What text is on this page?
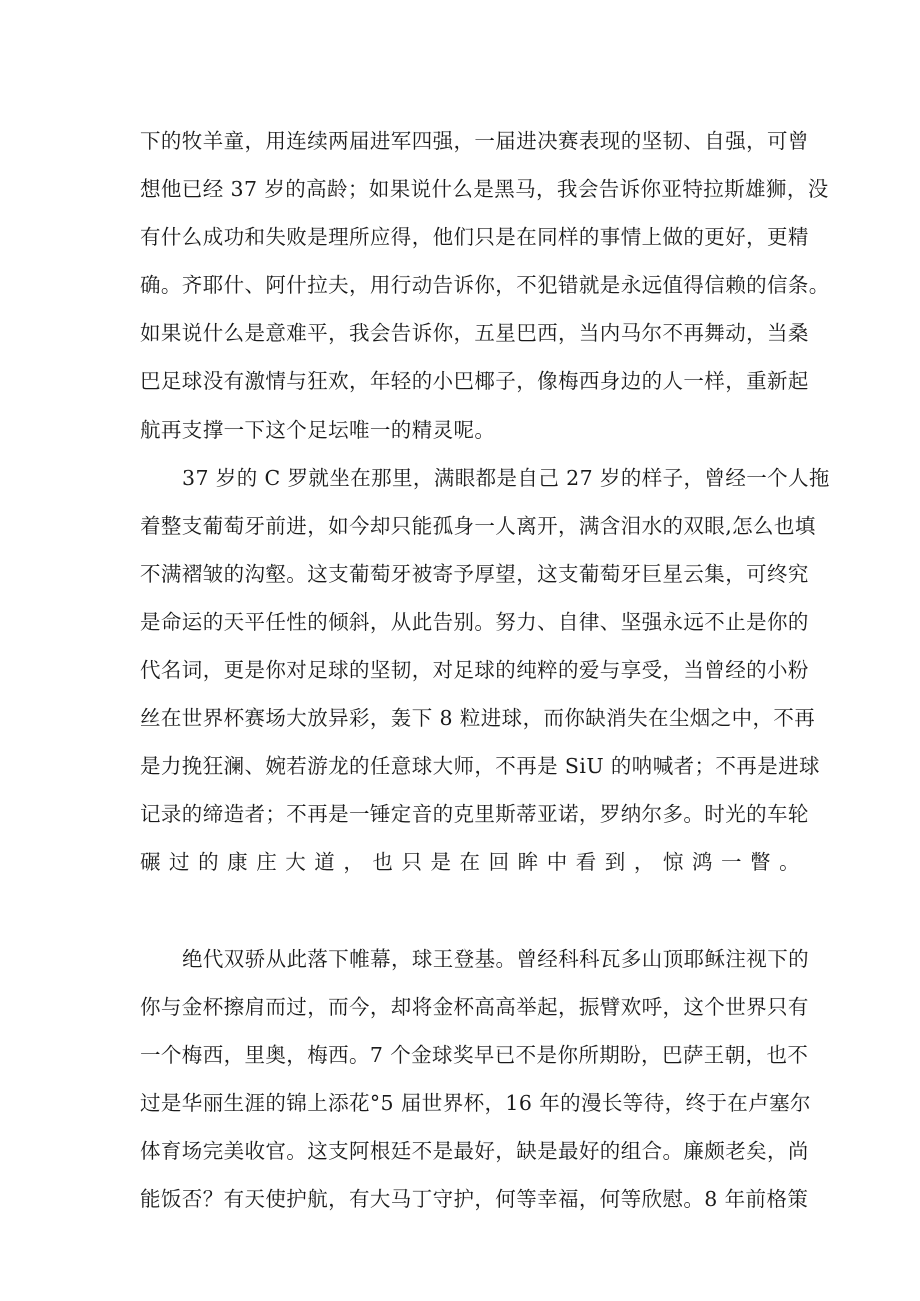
下的牧羊童，用连续两届进军四强，一届进决赛表现的坚韧、自强，可曾
想他已经 37 岁的高龄；如果说什么是黑马，我会告诉你亚特拉斯雄狮，没
有什么成功和失败是理所应得，他们只是在同样的事情上做的更好，更精
确。齐耶什、阿什拉夫，用行动告诉你，不犯错就是永远值得信赖的信条。
如果说什么是意难平，我会告诉你，五星巴西，当内马尔不再舞动，当桑
巴足球没有激情与狂欢，年轻的小巴椰子，像梅西身边的人一样，重新起
航再支撑一下这个足坛唯一的精灵呢。
37 岁的 C 罗就坐在那里，满眼都是自己 27 岁的样子，曾经一个人拖
着整支葡萄牙前进，如今却只能孤身一人离开，满含泪水的双眼,怎么也填
不满褶皱的沟壑。这支葡萄牙被寄予厚望，这支葡萄牙巨星云集，可终究
是命运的天平任性的倾斜，从此告别。努力、自律、坚强永远不止是你的
代名词，更是你对足球的坚韧，对足球的纯粹的爱与享受，当曾经的小粉
丝在世界杯赛场大放异彩，轰下 8 粒进球，而你缺消失在尘烟之中，不再
是力挽狂澜、婉若游龙的任意球大师，不再是 SiU 的呐喊者；不再是进球
记录的缔造者；不再是一锤定音的克里斯蒂亚诺，罗纳尔多。时光的车轮
碾过的康庄大道，也只是在回眸中看到，惊鸿一瞥。
绝代双骄从此落下帷幕，球王登基。曾经科科瓦多山顶耶稣注视下的
你与金杯擦肩而过，而今，却将金杯高高举起，振臂欢呼，这个世界只有
一个梅西，里奥，梅西。7 个金球奖早已不是你所期盼，巴萨王朝，也不
过是华丽生涯的锦上添花°5 届世界杯，16 年的漫长等待，终于在卢塞尔
体育场完美收官。这支阿根廷不是最好，缺是最好的组合。廉颇老矣，尚
能饭否？有天使护航，有大马丁守护，何等幸福，何等欣慰。8 年前格策
